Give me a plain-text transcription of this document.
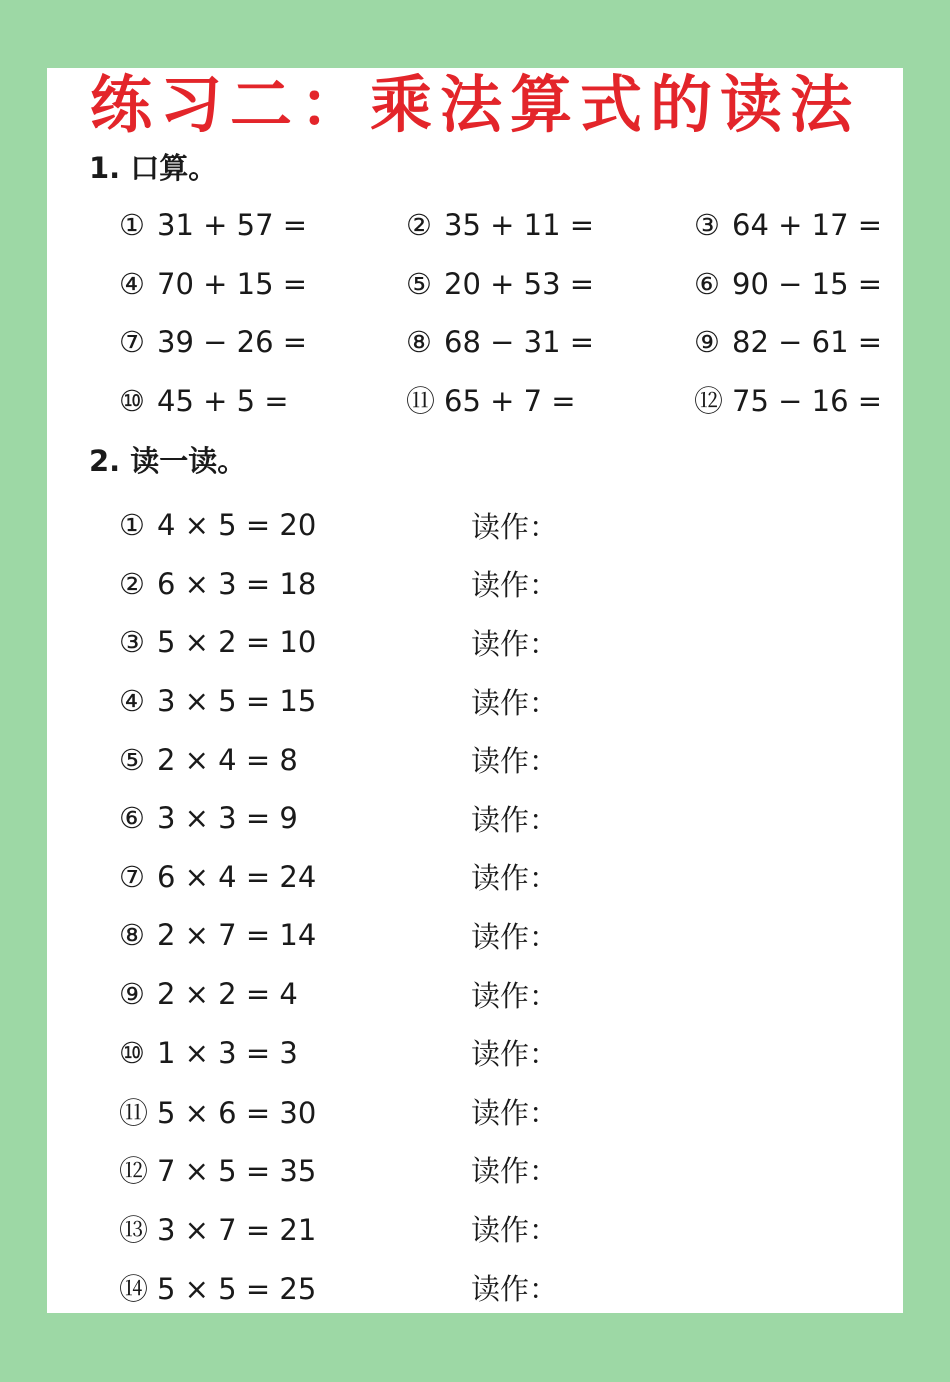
练习二：乘法算式的读法
1. 口算。
① 31 + 57 =	② 35 + 11 =	③ 64 + 17 =
④ 70 + 15 =	⑤ 20 + 53 =	⑥ 90 − 15 =
⑦ 39 − 26 =	⑧ 68 − 31 =	⑨ 82 − 61 =
⑩ 45 + 5 =	⑪ 65 + 7 =	⑫ 75 − 16 =
2. 读一读。
① 4 × 5 = 20	读作：
② 6 × 3 = 18	读作：
③ 5 × 2 = 10	读作：
④ 3 × 5 = 15	读作：
⑤ 2 × 4 = 8	读作：
⑥ 3 × 3 = 9	读作：
⑦ 6 × 4 = 24	读作：
⑧ 2 × 7 = 14	读作：
⑨ 2 × 2 = 4	读作：
⑩ 1 × 3 = 3	读作：
⑪ 5 × 6 = 30	读作：
⑫ 7 × 5 = 35	读作：
⑬ 3 × 7 = 21	读作：
⑭ 5 × 5 = 25	读作：
